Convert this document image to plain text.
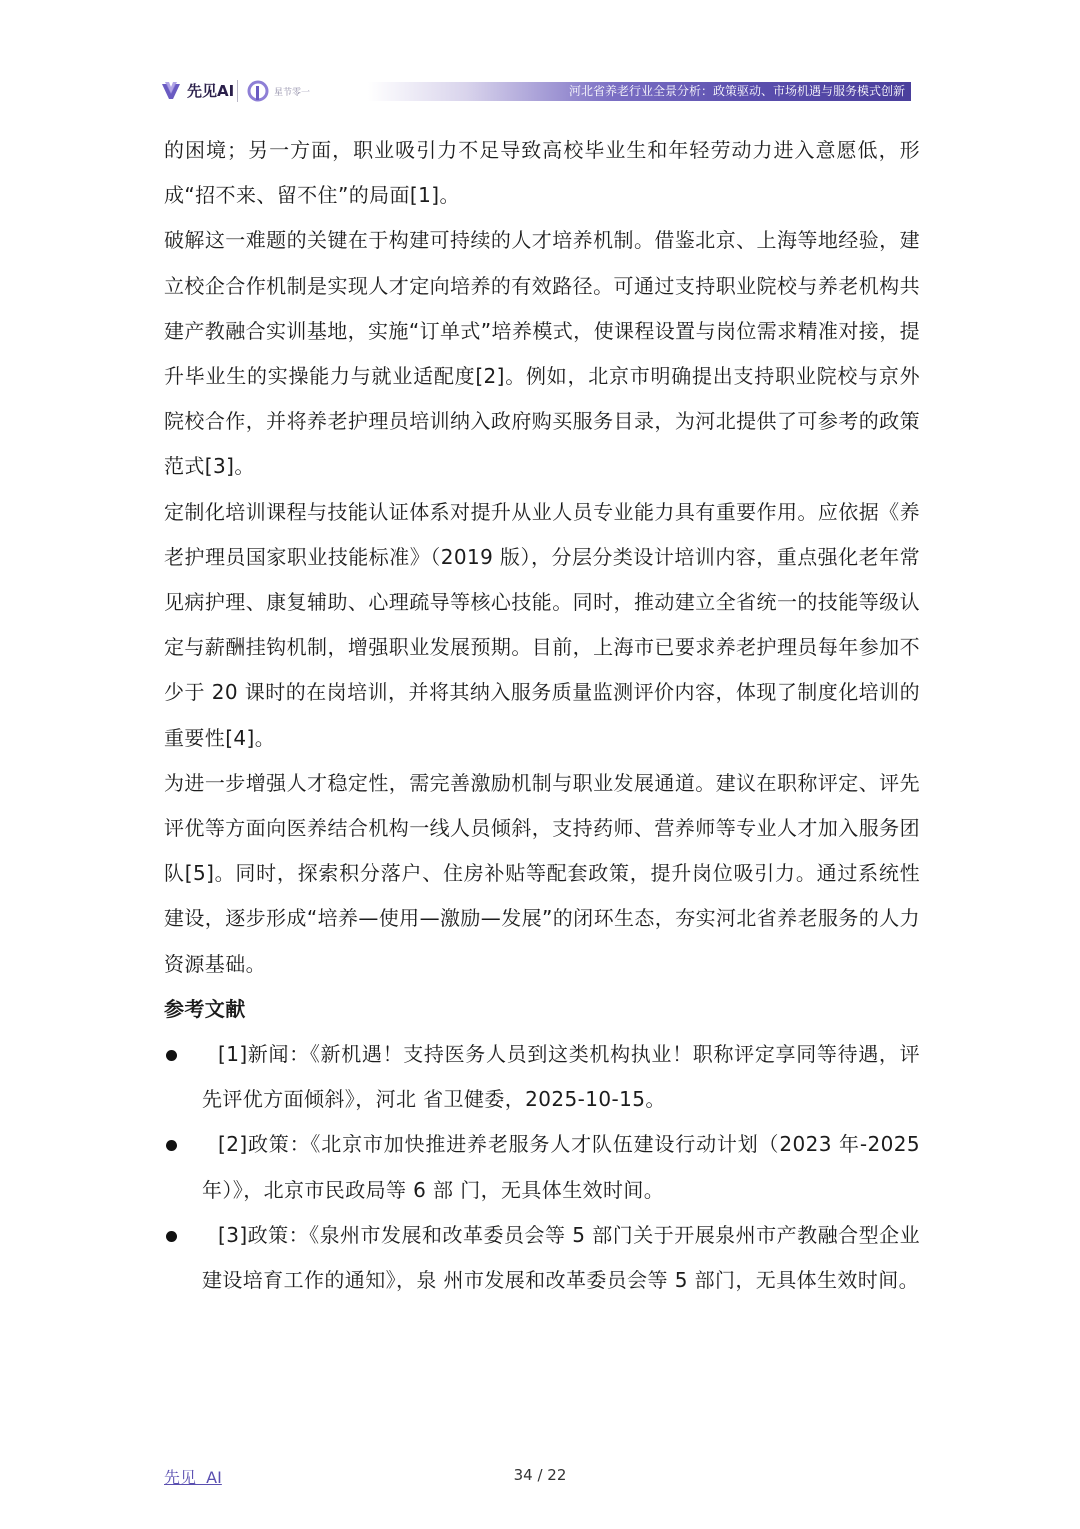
先见AI	星节零一	河北省养老行业全景分析：政策驱动、市场机遇与服务模式创新

的困境；另一方面，职业吸引力不足导致高校毕业生和年轻劳动力进入意愿低，形成“招不来、留不住”的局面[1]。

破解这一难题的关键在于构建可持续的人才培养机制。借鉴北京、上海等地经验，建立校企合作机制是实现人才定向培养的有效路径。可通过支持职业院校与养老机构共建产教融合实训基地，实施“订单式”培养模式，使课程设置与岗位需求精准对接，提升毕业生的实操能力与就业适配度[2]。例如，北京市明确提出支持职业院校与京外院校合作，并将养老护理员培训纳入政府购买服务目录，为河北提供了可参考的政策范式[3]。

定制化培训课程与技能认证体系对提升从业人员专业能力具有重要作用。应依据《养老护理员国家职业技能标准》（2019 版），分层分类设计培训内容，重点强化老年常见病护理、康复辅助、心理疏导等核心技能。同时，推动建立全省统一的技能等级认定与薪酬挂钩机制，增强职业发展预期。目前，上海市已要求养老护理员每年参加不少于 20 课时的在岗培训，并将其纳入服务质量监测评价内容，体现了制度化培训的重要性[4]。

为进一步增强人才稳定性，需完善激励机制与职业发展通道。建议在职称评定、评先评优等方面向医养结合机构一线人员倾斜，支持药师、营养师等专业人才加入服务团队[5]。同时，探索积分落户、住房补贴等配套政策，提升岗位吸引力。通过系统性建设，逐步形成“培养—使用—激励—发展”的闭环生态，夯实河北省养老服务的人力资源基础。

参考文献

[1]新闻：《新机遇！支持医务人员到这类机构执业！职称评定享同等待遇，评先评优方面倾斜》，河北 省卫健委，2025-10-15。

[2]政策：《北京市加快推进养老服务人才队伍建设行动计划（2023 年-2025 年）》，北京市民政局等 6 部 门，无具体生效时间。

[3]政策：《泉州市发展和改革委员会等 5 部门关于开展泉州市产教融合型企业建设培育工作的通知》，泉 州市发展和改革委员会等 5 部门，无具体生效时间。

先见  AI	34 / 22
